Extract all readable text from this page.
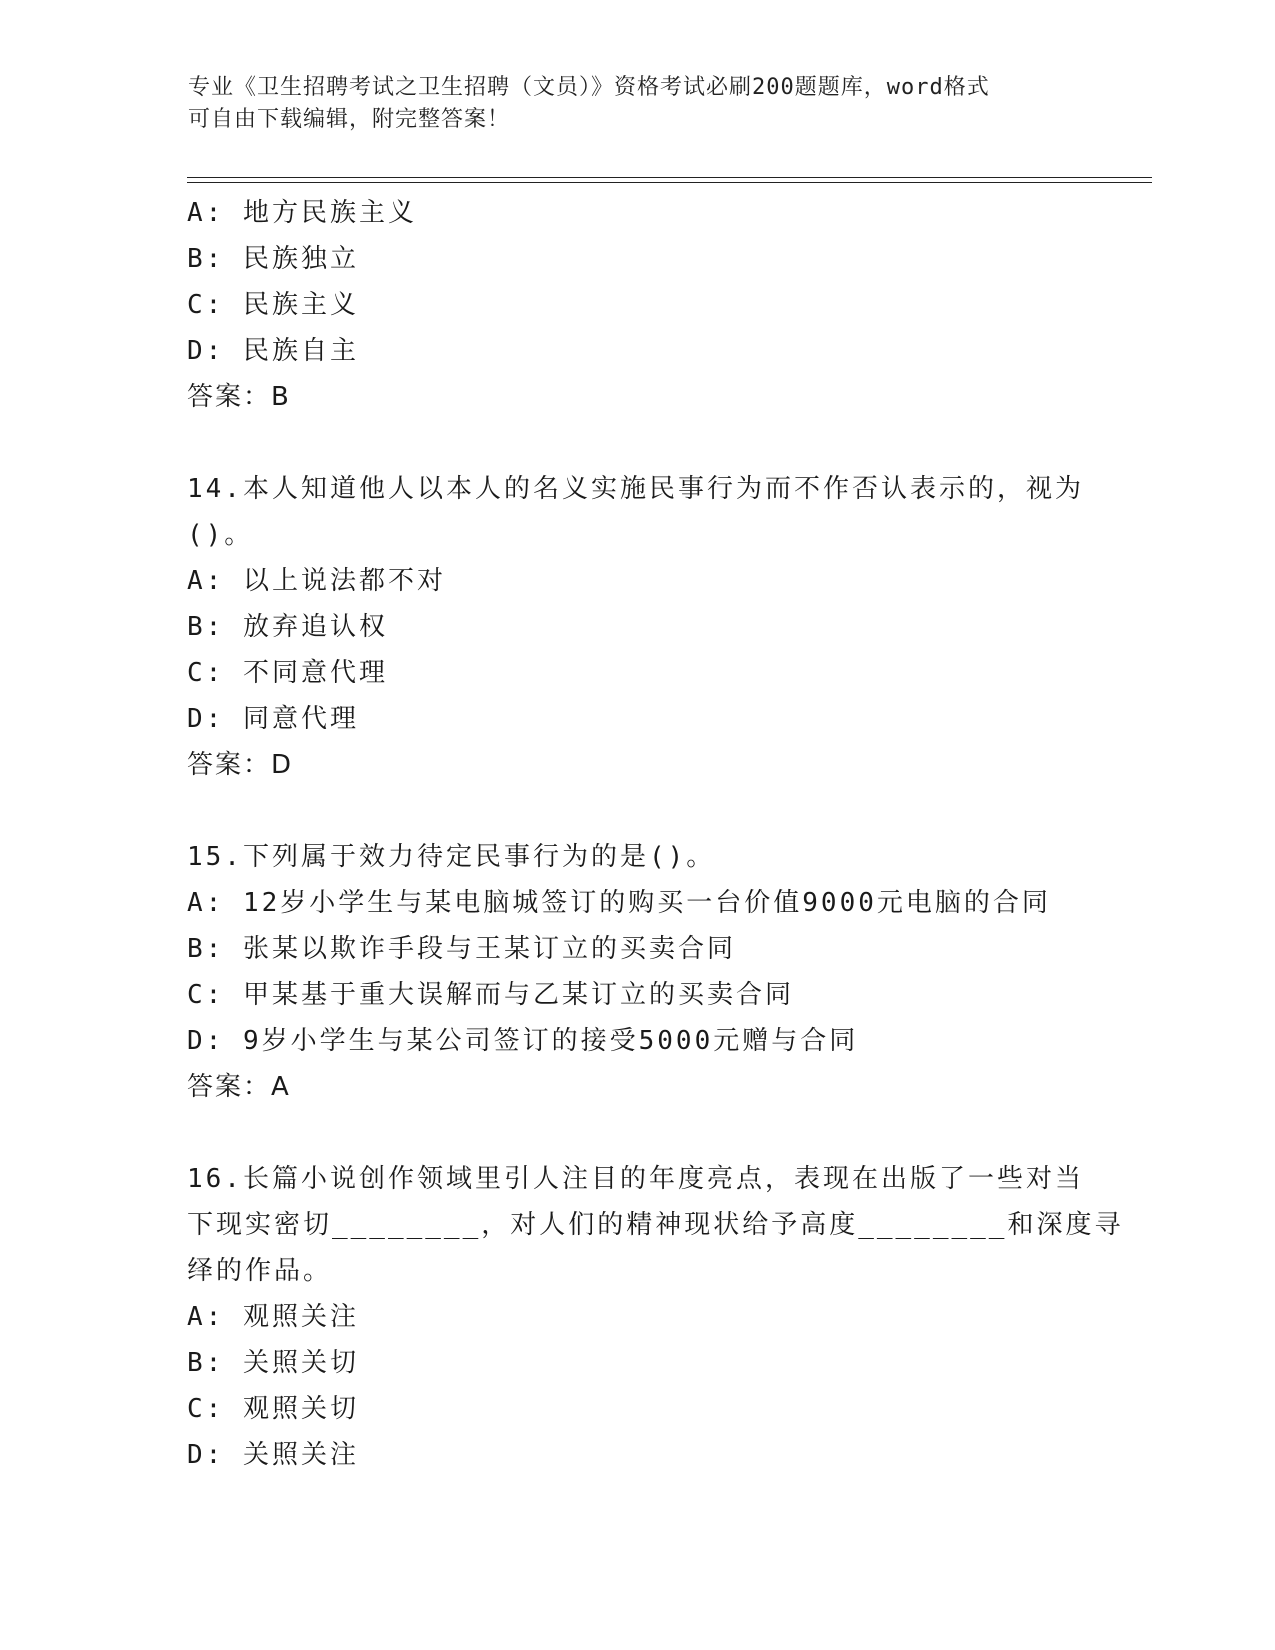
专业《卫生招聘考试之卫生招聘（文员）》资格考试必刷200题题库，word格式
可自由下载编辑，附完整答案！
A: 地方民族主义
B: 民族独立
C: 民族主义
D: 民族自主
答案：B
14.本人知道他人以本人的名义实施民事行为而不作否认表示的，视为
()。
A: 以上说法都不对
B: 放弃追认权
C: 不同意代理
D: 同意代理
答案：D
15.下列属于效力待定民事行为的是()。
A: 12岁小学生与某电脑城签订的购买一台价值9000元电脑的合同
B: 张某以欺诈手段与王某订立的买卖合同
C: 甲某基于重大误解而与乙某订立的买卖合同
D: 9岁小学生与某公司签订的接受5000元赠与合同
答案：A
16.长篇小说创作领域里引人注目的年度亮点，表现在出版了一些对当
下现实密切________，对人们的精神现状给予高度________和深度寻
绎的作品。
A: 观照关注
B: 关照关切
C: 观照关切
D: 关照关注
